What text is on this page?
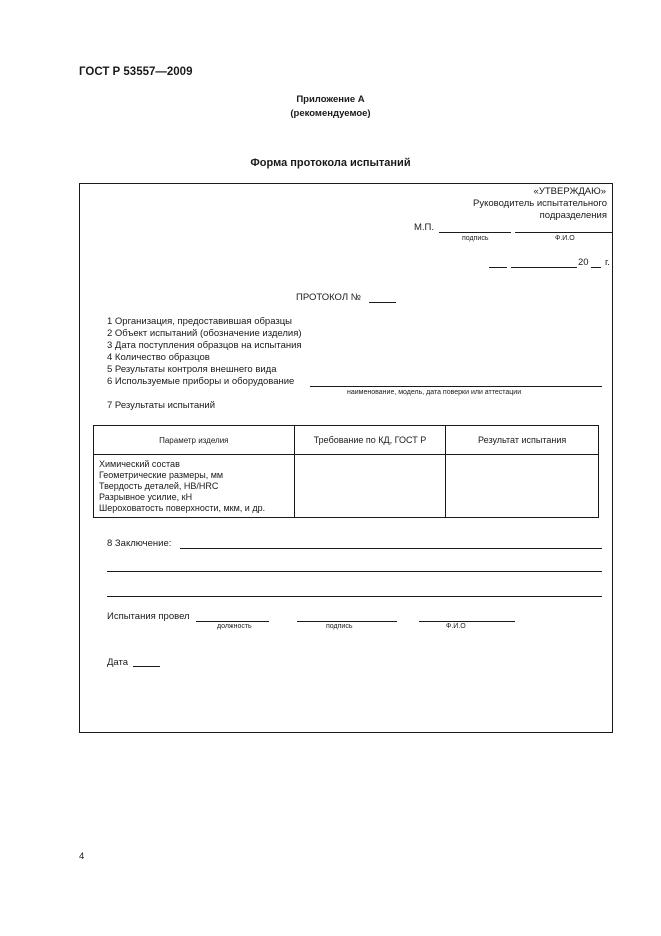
ГОСТ Р 53557—2009
Приложение А
(рекомендуемое)
Форма протокола испытаний
«УТВЕРЖДАЮ»
Руководитель испытательного
подразделения
М.П.
подпись	Ф.И.О
20 г.
ПРОТОКОЛ №
1 Организация, предоставившая образцы
2 Объект испытаний (обозначение изделия)
3 Дата поступления образцов на испытания
4 Количество образцов
5 Результаты контроля внешнего вида
6 Используемые приборы и оборудование
наименование, модель, дата поверки или аттестации
7 Результаты испытаний
Параметр изделия	Требование по КД, ГОСТ Р	Результат испытания

Химический состав
Геометрические размеры, мм
Твердость деталей, HB/HRC
Разрывное усилие, кН
Шероховатость поверхности, мкм, и др.		

8 Заключение:
Испытания провел
должность	подпись	Ф.И.О
Дата
4
